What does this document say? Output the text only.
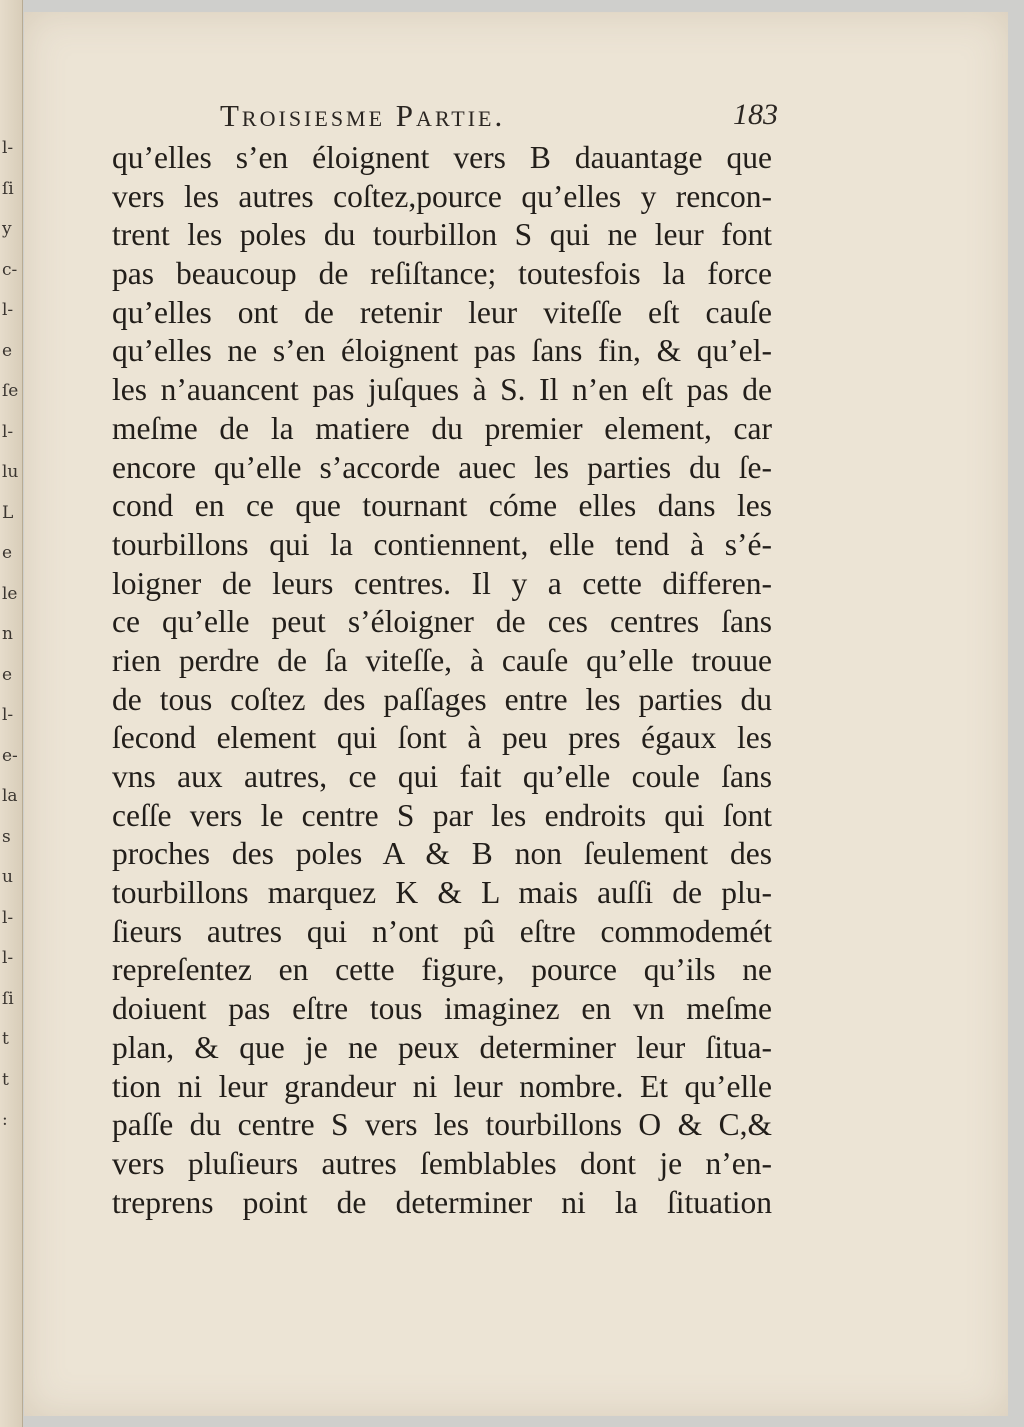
l-
ſi
y
c-
l-
e
ſe
l-
lu
L
e
le
n
e
l-
e-
la
s
u
l-
l-
ſi
t
t
:
Troisiesme Partie.	183
qu’elles s’en éloignent vers B dauantage que
vers les autres coſtez,pource qu’elles y rencon-
trent les poles du tourbillon S qui ne leur font
pas beaucoup de reſiſtance; toutesfois la force
qu’elles ont de retenir leur viteſſe eſt cauſe
qu’elles ne s’en éloignent pas ſans fin, & qu’el-
les n’auancent pas juſques à S. Il n’en eſt pas de
meſme de la matiere du premier element, car
encore qu’elle s’accorde auec les parties du ſe-
cond en ce que tournant cóme elles dans les
tourbillons qui la contiennent, elle tend à s’é-
loigner de leurs centres. Il y a cette differen-
ce qu’elle peut s’éloigner de ces centres ſans
rien perdre de ſa viteſſe, à cauſe qu’elle trouue
de tous coſtez des paſſages entre les parties du
ſecond element qui ſont à peu pres égaux les
vns aux autres, ce qui fait qu’elle coule ſans
ceſſe vers le centre S par les endroits qui ſont
proches des poles A & B non ſeulement des
tourbillons marquez K & L mais auſſi de plu-
ſieurs autres qui n’ont pû eſtre commodemét
repreſentez en cette figure, pource qu’ils ne
doiuent pas eſtre tous imaginez en vn meſme
plan, & que je ne peux determiner leur ſitua-
tion ni leur grandeur ni leur nombre. Et qu’elle
paſſe du centre S vers les tourbillons O & C,&
vers pluſieurs autres ſemblables dont je n’en-
treprens point de determiner ni la ſituation
